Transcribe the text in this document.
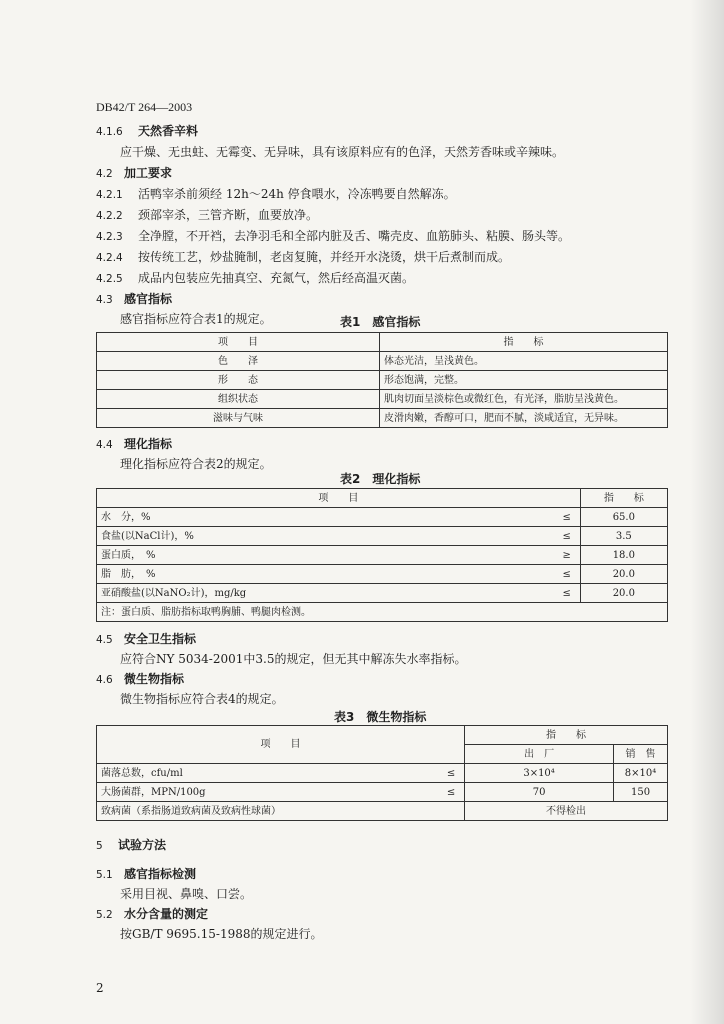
DB42/T 264—2003
4.1.6 天然香辛料
应干燥、无虫蛀、无霉变、无异味，具有该原料应有的色泽，天然芳香味或辛辣味。
4.2 加工要求
4.2.1 活鸭宰杀前须经 12h～24h 停食喂水，冷冻鸭要自然解冻。
4.2.2 颈部宰杀，三管齐断，血要放净。
4.2.3 全净膛，不开裆，去净羽毛和全部内脏及舌、嘴壳皮、血筋肺头、粘膜、肠头等。
4.2.4 按传统工艺，炒盐腌制，老卤复腌，并经开水浇烫，烘干后煮制而成。
4.2.5 成品内包装应先抽真空、充氮气，然后经高温灭菌。
4.3 感官指标
感官指标应符合表1的规定。	表1　感官指标
项　　目	指　　标
色　　泽	体态光洁，呈浅黄色。
形　　态	形态饱满，完整。
组织状态	肌肉切面呈淡棕色或微红色，有光泽，脂肪呈浅黄色。
滋味与气味	皮滑肉嫩，香醇可口，肥而不腻，淡咸适宜，无异味。
4.4 理化指标
理化指标应符合表2的规定。
表2　理化指标
项　　目		指　　标
水　分，%	≤	65.0
食盐(以NaCl计)，%	≤	3.5
蛋白质，　%	≥	18.0
脂　肪，　%	≤	20.0
亚硝酸盐(以NaNO₂计)，mg/kg	≤	20.0
注：蛋白质、脂肪指标取鸭胸脯、鸭腿肉检测。		
4.5 安全卫生指标
应符合NY 5034-2001中3.5的规定，但无其中解冻失水率指标。
4.6 微生物指标
微生物指标应符合表4的规定。
表3　微生物指标
项　　目		指　　标	
		出　厂	销　售
菌落总数，cfu/ml	≤	3×10⁴	8×10⁴
大肠菌群，MPN/100g	≤	70	150
致病菌（系指肠道致病菌及致病性球菌）		不得检出	
5 试验方法
5.1 感官指标检测
采用目视、鼻嗅、口尝。
5.2 水分含量的测定
按GB/T 9695.15-1988的规定进行。
2
